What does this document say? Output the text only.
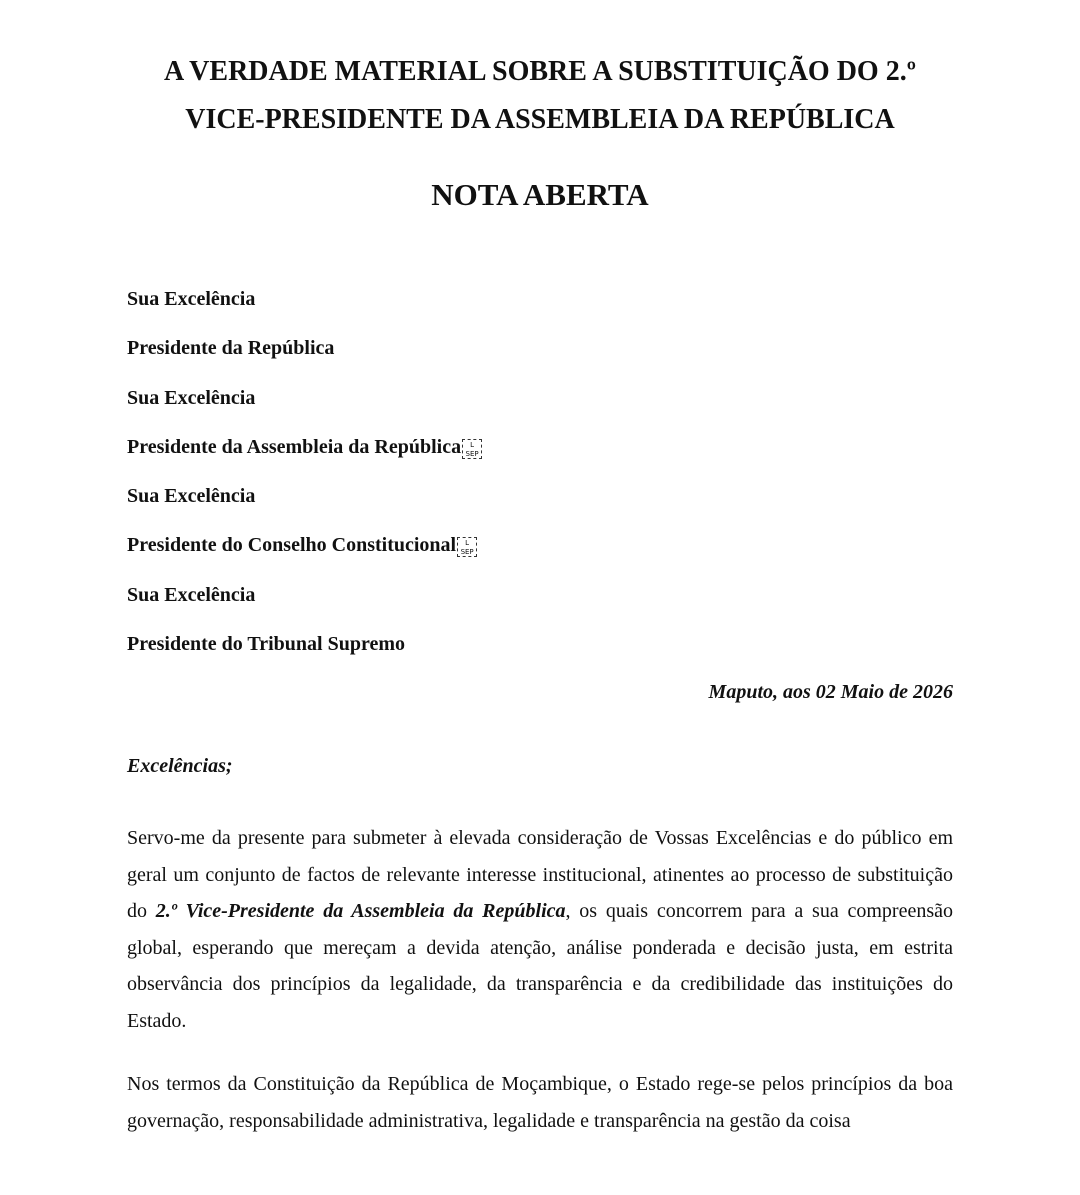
A VERDADE MATERIAL SOBRE A SUBSTITUIÇÃO DO 2.º
VICE-PRESIDENTE DA ASSEMBLEIA DA REPÚBLICA
NOTA ABERTA
Sua Excelência
Presidente da República
Sua Excelência
Presidente da Assembleia da República L
SEP
Sua Excelência
Presidente do Conselho Constitucional L
SEP
Sua Excelência
Presidente do Tribunal Supremo

Maputo, aos 02 Maio de 2026

Excelências;

Servo-me da presente para submeter à elevada consideração de Vossas Excelências e do público em geral um conjunto de factos de relevante interesse institucional, atinentes ao processo de substituição do 2.º Vice-Presidente da Assembleia da República, os quais concorrem para a sua compreensão global, esperando que mereçam a devida atenção, análise ponderada e decisão justa, em estrita observância dos princípios da legalidade, da transparência e da credibilidade das instituições do Estado.

Nos termos da Constituição da República de Moçambique, o Estado rege-se pelos princípios da boa governação, responsabilidade administrativa, legalidade e transparência na gestão da coisa
